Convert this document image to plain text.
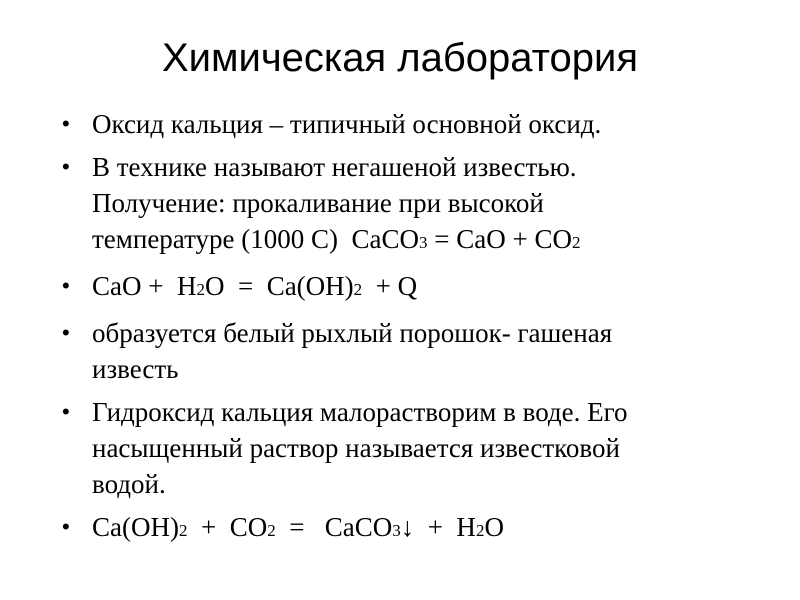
Химическая лаборатория
• Оксид кальция – типичный основной оксид.
• В технике называют негашеной известью.
Получение: прокаливание при высокой
температуре (1000 С)  CaCO3 = CaO + CO2
• CaO +  H2O  =  Ca(OH)2  + Q
• образуется белый рыхлый порошок- гашеная
известь
• Гидроксид кальция малорастворим в воде. Его
насыщенный раствор называется известковой
водой.
• Ca(OH)2  +  CO2  =   CaCO3↓  +  H2O
